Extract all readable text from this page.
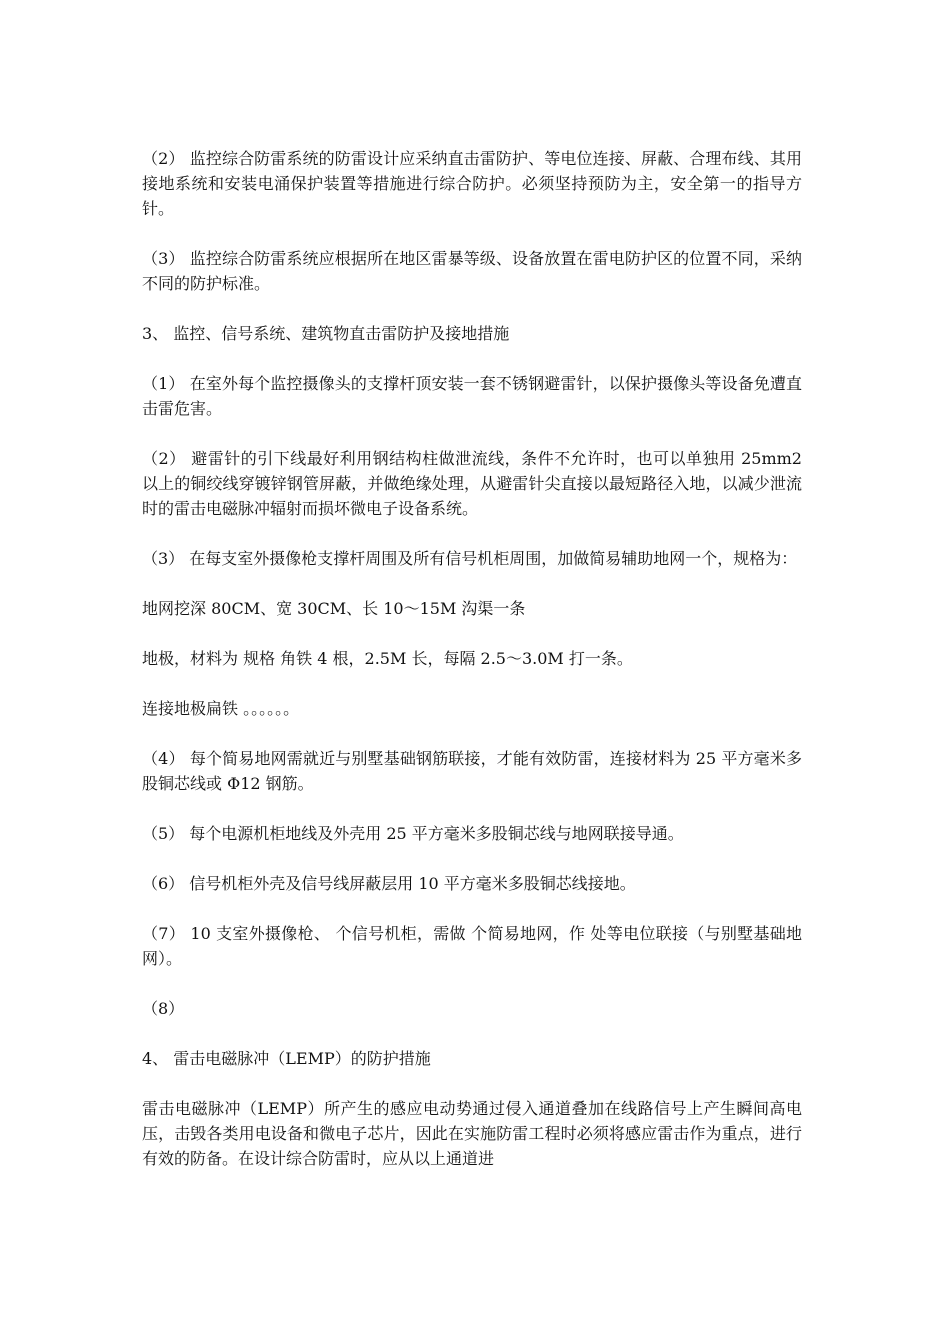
（2） 监控综合防雷系统的防雷设计应采纳直击雷防护、等电位连接、屏蔽、合理布线、其用接地系统和安装电涌保护装置等措施进行综合防护。必须坚持预防为主，安全第一的指导方针。

（3） 监控综合防雷系统应根据所在地区雷暴等级、设备放置在雷电防护区的位置不同，采纳不同的防护标准。

3、 监控、信号系统、建筑物直击雷防护及接地措施

（1） 在室外每个监控摄像头的支撑杆顶安装一套不锈钢避雷针，以保护摄像头等设备免遭直击雷危害。

（2） 避雷针的引下线最好利用钢结构柱做泄流线，条件不允许时，也可以单独用 25mm2 以上的铜绞线穿镀锌钢管屏蔽，并做绝缘处理，从避雷针尖直接以最短路径入地，以减少泄流时的雷击电磁脉冲辐射而损坏微电子设备系统。

（3） 在每支室外摄像枪支撑杆周围及所有信号机柜周围，加做简易辅助地网一个，规格为：

地网挖深 80CM、宽 30CM、长 10～15M 沟渠一条

地极，材料为 规格 角铁 4 根，2.5M 长，每隔 2.5～3.0M 打一条。

连接地极扁铁 。。。。。。

（4） 每个简易地网需就近与别墅基础钢筋联接，才能有效防雷，连接材料为 25 平方毫米多股铜芯线或 Φ12 钢筋。

（5） 每个电源机柜地线及外壳用 25 平方毫米多股铜芯线与地网联接导通。

（6） 信号机柜外壳及信号线屏蔽层用 10 平方毫米多股铜芯线接地。

（7） 10 支室外摄像枪、 个信号机柜，需做 个简易地网，作 处等电位联接（与别墅基础地网）。

（8）

4、 雷击电磁脉冲（LEMP）的防护措施

雷击电磁脉冲（LEMP）所产生的感应电动势通过侵入通道叠加在线路信号上产生瞬间高电压，击毁各类用电设备和微电子芯片，因此在实施防雷工程时必须将感应雷击作为重点，进行有效的防备。在设计综合防雷时，应从以上通道进
